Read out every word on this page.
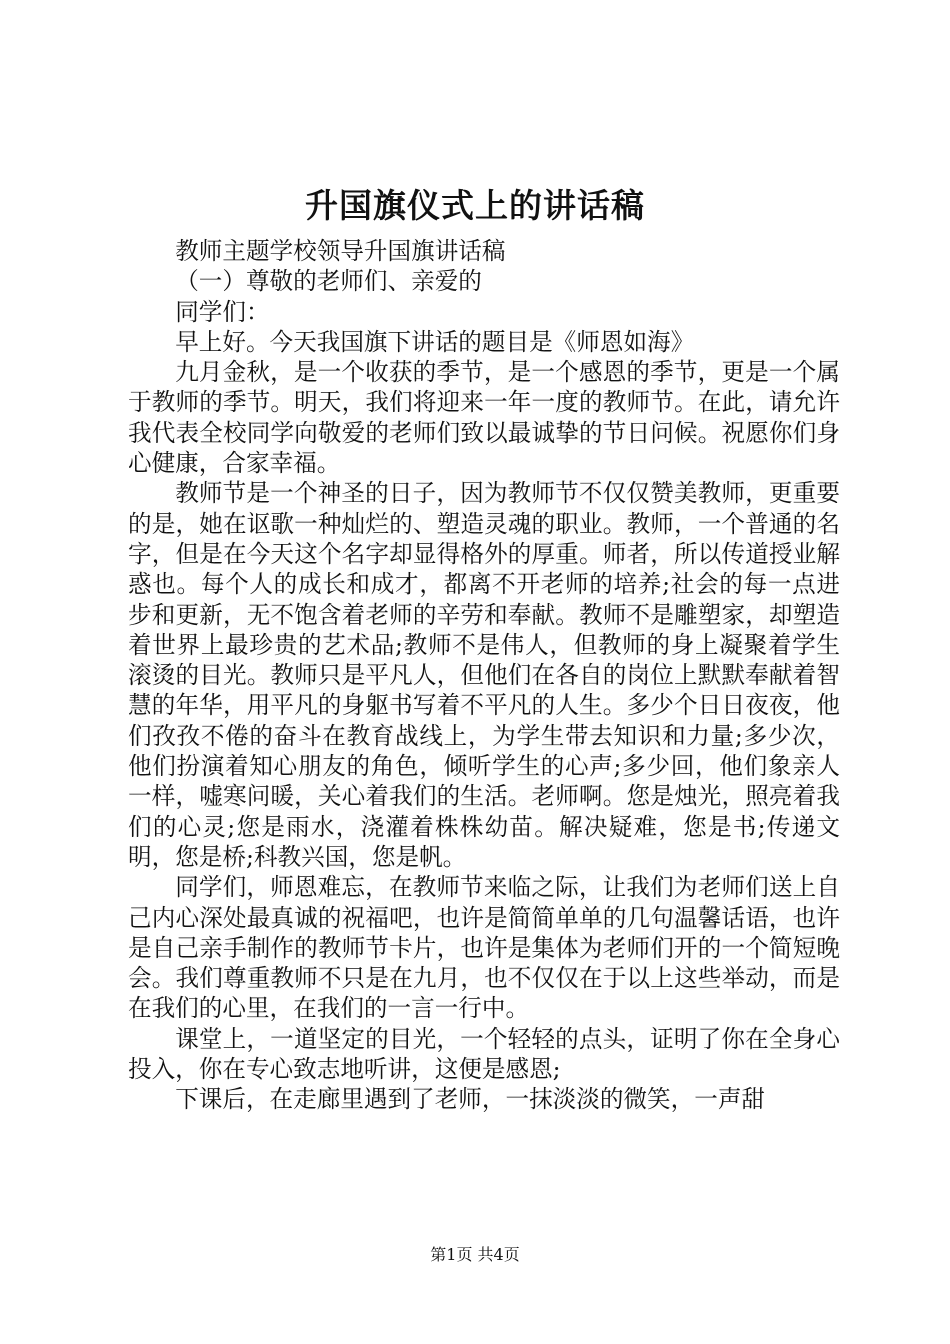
升国旗仪式上的讲话稿

教师主题学校领导升国旗讲话稿

（一）尊敬的老师们、亲爱的

同学们：

早上好。今天我国旗下讲话的题目是《师恩如海》

九月金秋，是一个收获的季节，是一个感恩的季节，更是一个属于教师的季节。明天，我们将迎来一年一度的教师节。在此，请允许我代表全校同学向敬爱的老师们致以最诚挚的节日问候。祝愿你们身心健康，合家幸福。

教师节是一个神圣的日子，因为教师节不仅仅赞美教师，更重要的是，她在讴歌一种灿烂的、塑造灵魂的职业。教师，一个普通的名字，但是在今天这个名字却显得格外的厚重。师者，所以传道授业解惑也。每个人的成长和成才，都离不开老师的培养;社会的每一点进步和更新，无不饱含着老师的辛劳和奉献。教师不是雕塑家，却塑造着世界上最珍贵的艺术品;教师不是伟人，但教师的身上凝聚着学生滚烫的目光。教师只是平凡人，但他们在各自的岗位上默默奉献着智慧的年华，用平凡的身躯书写着不平凡的人生。多少个日日夜夜，他们孜孜不倦的奋斗在教育战线上，为学生带去知识和力量;多少次，他们扮演着知心朋友的角色，倾听学生的心声;多少回，他们象亲人一样，嘘寒问暖，关心着我们的生活。老师啊。您是烛光，照亮着我们的心灵;您是雨水，浇灌着株株幼苗。解决疑难，您是书;传递文明，您是桥;科教兴国，您是帆。

同学们，师恩难忘，在教师节来临之际，让我们为老师们送上自己内心深处最真诚的祝福吧，也许是简简单单的几句温馨话语，也许是自己亲手制作的教师节卡片，也许是集体为老师们开的一个简短晚会。我们尊重教师不只是在九月，也不仅仅在于以上这些举动，而是在我们的心里，在我们的一言一行中。

课堂上，一道坚定的目光，一个轻轻的点头，证明了你在全身心投入，你在专心致志地听讲，这便是感恩;

下课后，在走廊里遇到了老师，一抹淡淡的微笑，一声甜

第1页 共4页
